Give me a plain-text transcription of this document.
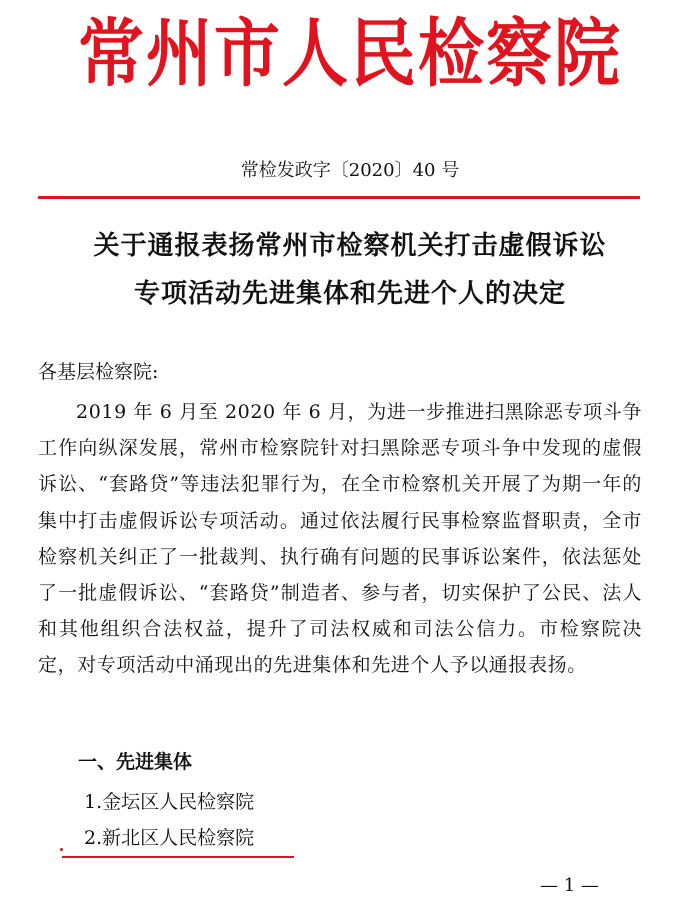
常州市人民检察院
常检发政字〔2020〕40 号
关于通报表扬常州市检察机关打击虚假诉讼
专项活动先进集体和先进个人的决定
各基层检察院:
2019 年 6 月至 2020 年 6 月，为进一步推进扫黑除恶专项斗争工作向纵深发展，常州市检察院针对扫黑除恶专项斗争中发现的虚假诉讼、“套路贷”等违法犯罪行为，在全市检察机关开展了为期一年的集中打击虚假诉讼专项活动。通过依法履行民事检察监督职责，全市检察机关纠正了一批裁判、执行确有问题的民事诉讼案件，依法惩处了一批虚假诉讼、“套路贷”制造者、参与者，切实保护了公民、法人和其他组织合法权益，提升了司法权威和司法公信力。市检察院决定，对专项活动中涌现出的先进集体和先进个人予以通报表扬。
一、先进集体
1.金坛区人民检察院
2.新北区人民检察院
— 1 —
